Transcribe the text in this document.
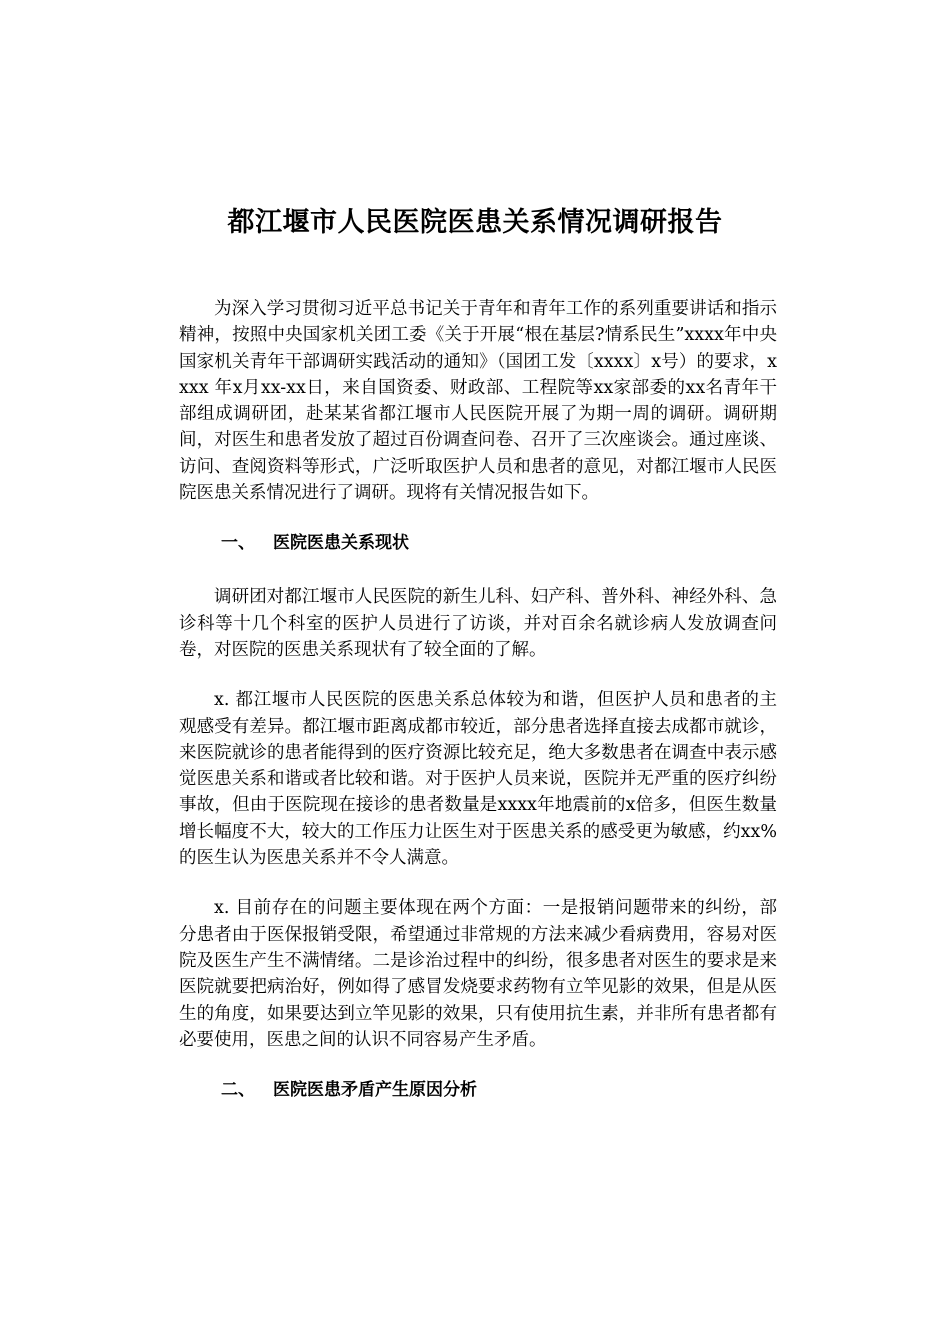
都江堰市人民医院医患关系情况调研报告

为深入学习贯彻习近平总书记关于青年和青年工作的系列重要讲话和指示精神，按照中央国家机关团工委《关于开展“根在基层?情系民生”xxxx年中央国家机关青年干部调研实践活动的通知》（国团工发〔xxxx〕x号）的要求，xxxx 年x月xx-xx日，来自国资委、财政部、工程院等xx家部委的xx名青年干部组成调研团，赴某某省都江堰市人民医院开展了为期一周的调研。调研期间，对医生和患者发放了超过百份调查问卷、召开了三次座谈会。通过座谈、访问、查阅资料等形式，广泛听取医护人员和患者的意见，对都江堰市人民医院医患关系情况进行了调研。现将有关情况报告如下。

一、 医院医患关系现状

调研团对都江堰市人民医院的新生儿科、妇产科、普外科、神经外科、急诊科等十几个科室的医护人员进行了访谈，并对百余名就诊病人发放调查问卷，对医院的医患关系现状有了较全面的了解。

x. 都江堰市人民医院的医患关系总体较为和谐，但医护人员和患者的主观感受有差异。都江堰市距离成都市较近，部分患者选择直接去成都市就诊，来医院就诊的患者能得到的医疗资源比较充足，绝大多数患者在调查中表示感觉医患关系和谐或者比较和谐。对于医护人员来说，医院并无严重的医疗纠纷事故，但由于医院现在接诊的患者数量是xxxx年地震前的x倍多，但医生数量增长幅度不大，较大的工作压力让医生对于医患关系的感受更为敏感，约xx%的医生认为医患关系并不令人满意。

x. 目前存在的问题主要体现在两个方面：一是报销问题带来的纠纷，部分患者由于医保报销受限，希望通过非常规的方法来减少看病费用，容易对医院及医生产生不满情绪。二是诊治过程中的纠纷，很多患者对医生的要求是来医院就要把病治好，例如得了感冒发烧要求药物有立竿见影的效果，但是从医生的角度，如果要达到立竿见影的效果，只有使用抗生素，并非所有患者都有必要使用，医患之间的认识不同容易产生矛盾。

二、 医院医患矛盾产生原因分析
